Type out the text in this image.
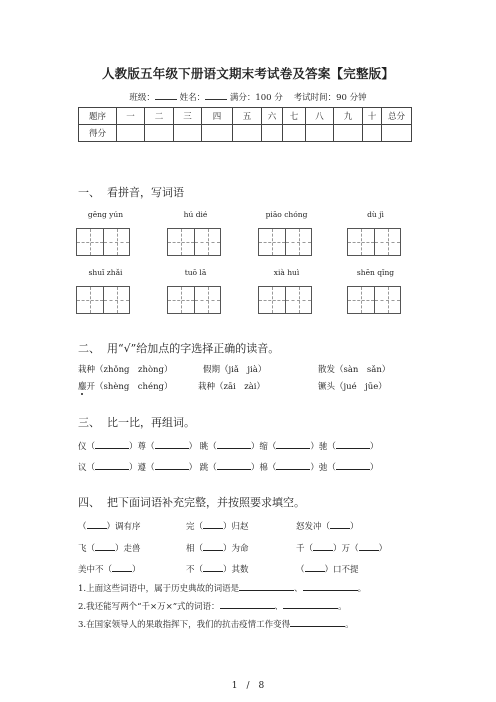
人教版五年级下册语文期末考试卷及答案【完整版】
班级：	姓名：	满分：100 分 考试时间：90 分钟
题序	一	二	三	四	五	六	七	八	九	十	总分
得分											
一、 看拼音，写词语
gēng yún	hú dié	piāo chóng	dù jì
shuǐ zhǎi	tuō lā	xià huì	shēn qǐng
二、 用“√”给加点的字选择正确的读音。
栽种（zhǒng　zhòng）	假期（jiǎ　jià）	散发（sàn　sǎn）
鏖开（shèng　chéng）	栽种（zāi　zài）	镢头（jué　jūe）
三、 比一比，再组词。
仪（	）尊（	） 眺（	）缩（	）驰（	）
议（	）遵（	） 跳（	）棉（	）弛（	）
四、 把下面词语补充完整，并按照要求填空。
（ ）调有序	完（ ）归赵	怒发冲（ ）
飞（ ）走兽	相（ ）为命	千（ ）万（ ）
美中不（ ）	不（ ）其数	（ ）口不提
1.上面这些词语中，属于历史典故的词语是	、	。
2.我还能写两个“千×万×”式的词语：	、	。
3.在国家领导人的果敢指挥下，我们的抗击疫情工作变得	。
1　/　8
